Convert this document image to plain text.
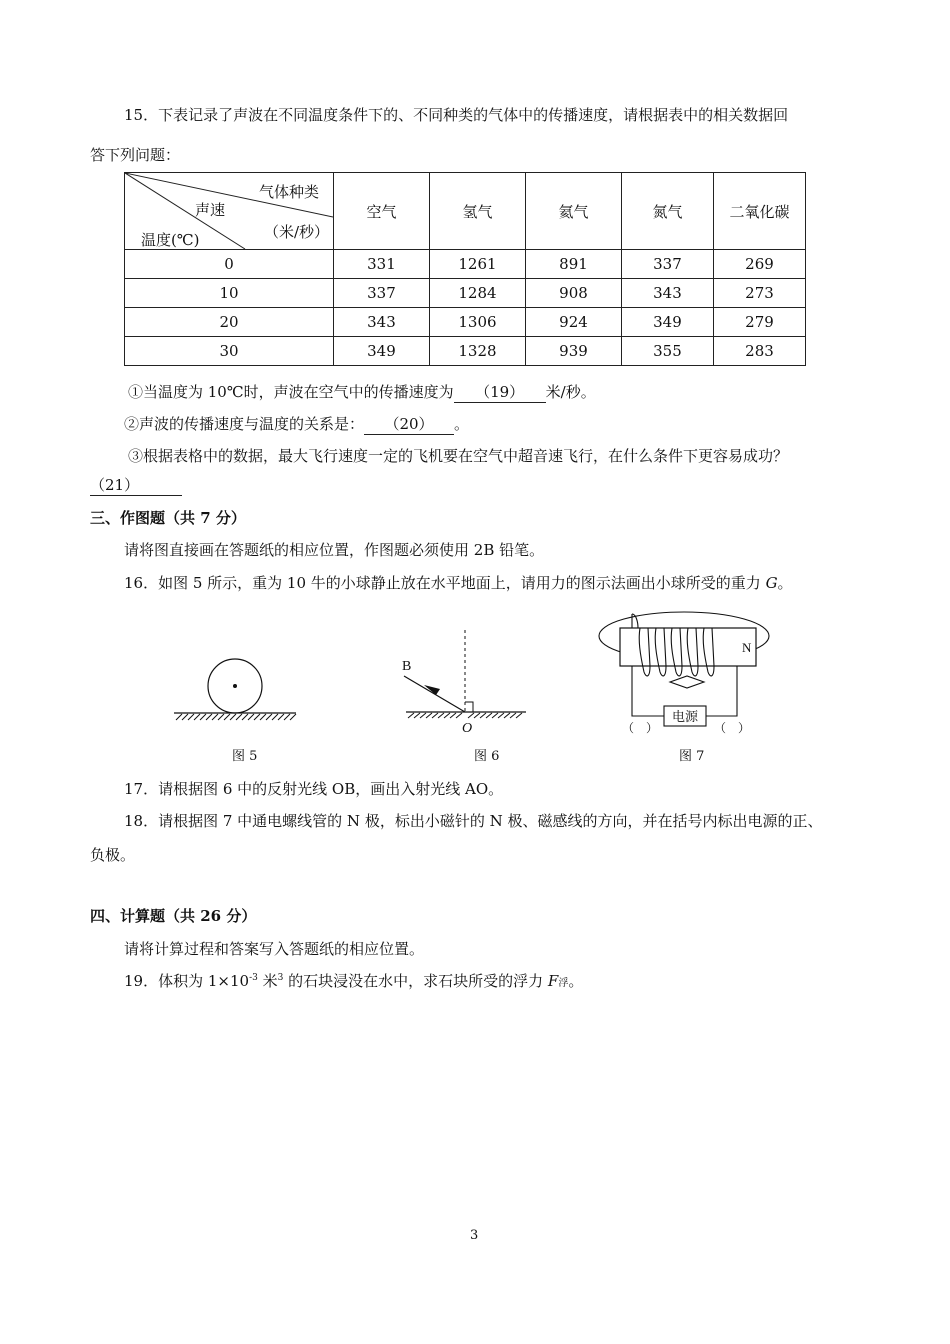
15．下表记录了声波在不同温度条件下的、不同种类的气体中的传播速度，请根据表中的相关数据回
答下列问题：
气体种类
声速
（米/秒）
温度(℃)	空气	氢气	氦气	氮气	二氧化碳
0	331	1261	891	337	269
10	337	1284	908	343	273
20	343	1306	924	349	279
30	349	1328	939	355	283
①当温度为 10℃时，声波在空气中的传播速度为 （19） 米/秒。
②声波的传播速度与温度的关系是： （20） 。
③根据表格中的数据，最大飞行速度一定的飞机要在空气中超音速飞行，在什么条件下更容易成功？
（21）
三、作图题（共 7 分）
请将图直接画在答题纸的相应位置，作图题必须使用 2B 铅笔。
16．如图 5 所示，重为 10 牛的小球静止放在水平地面上，请用力的图示法画出小球所受的重力 G。
图 5
B
O
图 6
电源
N
（　）	（　）
图 7
17．请根据图 6 中的反射光线 OB，画出入射光线 AO。
18．请根据图 7 中通电螺线管的 N 极，标出小磁针的 N 极、磁感线的方向，并在括号内标出电源的正、
负极。
四、计算题（共 26 分）
请将计算过程和答案写入答题纸的相应位置。
19．体积为 $1\times 10^{-3}$ 米$^3$ 的石块浸没在水中，求石块所受的浮力 F浮。
3
